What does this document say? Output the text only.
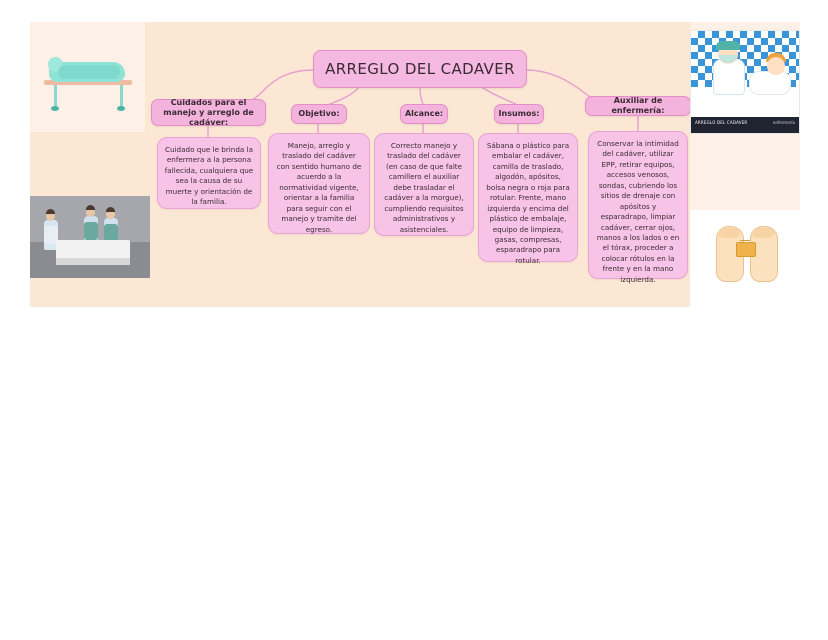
ARREGLO DEL CADAVER
Cuidados para el manejo y arreglo de cadáver:
Cuidado que le brinda la enfermera a la persona fallecida, cualquiera que sea la causa de su muerte y orientación de la familia.
Objetivo:
Manejo, arreglo y traslado del cadáver con sentido humano de acuerdo a la normatividad vigente, orientar a la familia para seguir con el manejo y tramite del egreso.
Alcance:
Correcto manejo y traslado del cadáver (en caso de que falte camillero el auxiliar debe trasladar el cadáver a la morgue), cumpliendo requisitos administrativos y asistenciales.
Insumos:
Sábana o plástico para embalar el cadáver, camilla de traslado, algodón, apósitos, bolsa negra o roja para rotular: Frente, mano izquierda y encima del plástico de embalaje, equipo de limpieza, gasas, compresas, esparadrapo para rotular.
Auxiliar de enfermería:
Conservar la intimidad del cadáver, utilizar EPP, retirar equipos, accesos venosos, sondas, cubriendo los sitios de drenaje con apósitos y esparadrapo, limpiar cadáver, cerrar ojos, manos a los lados o en el tórax, proceder a colocar rótulos en la frente y en la mano izquierda.
ARREGLO DEL CADAVER	enfermería
